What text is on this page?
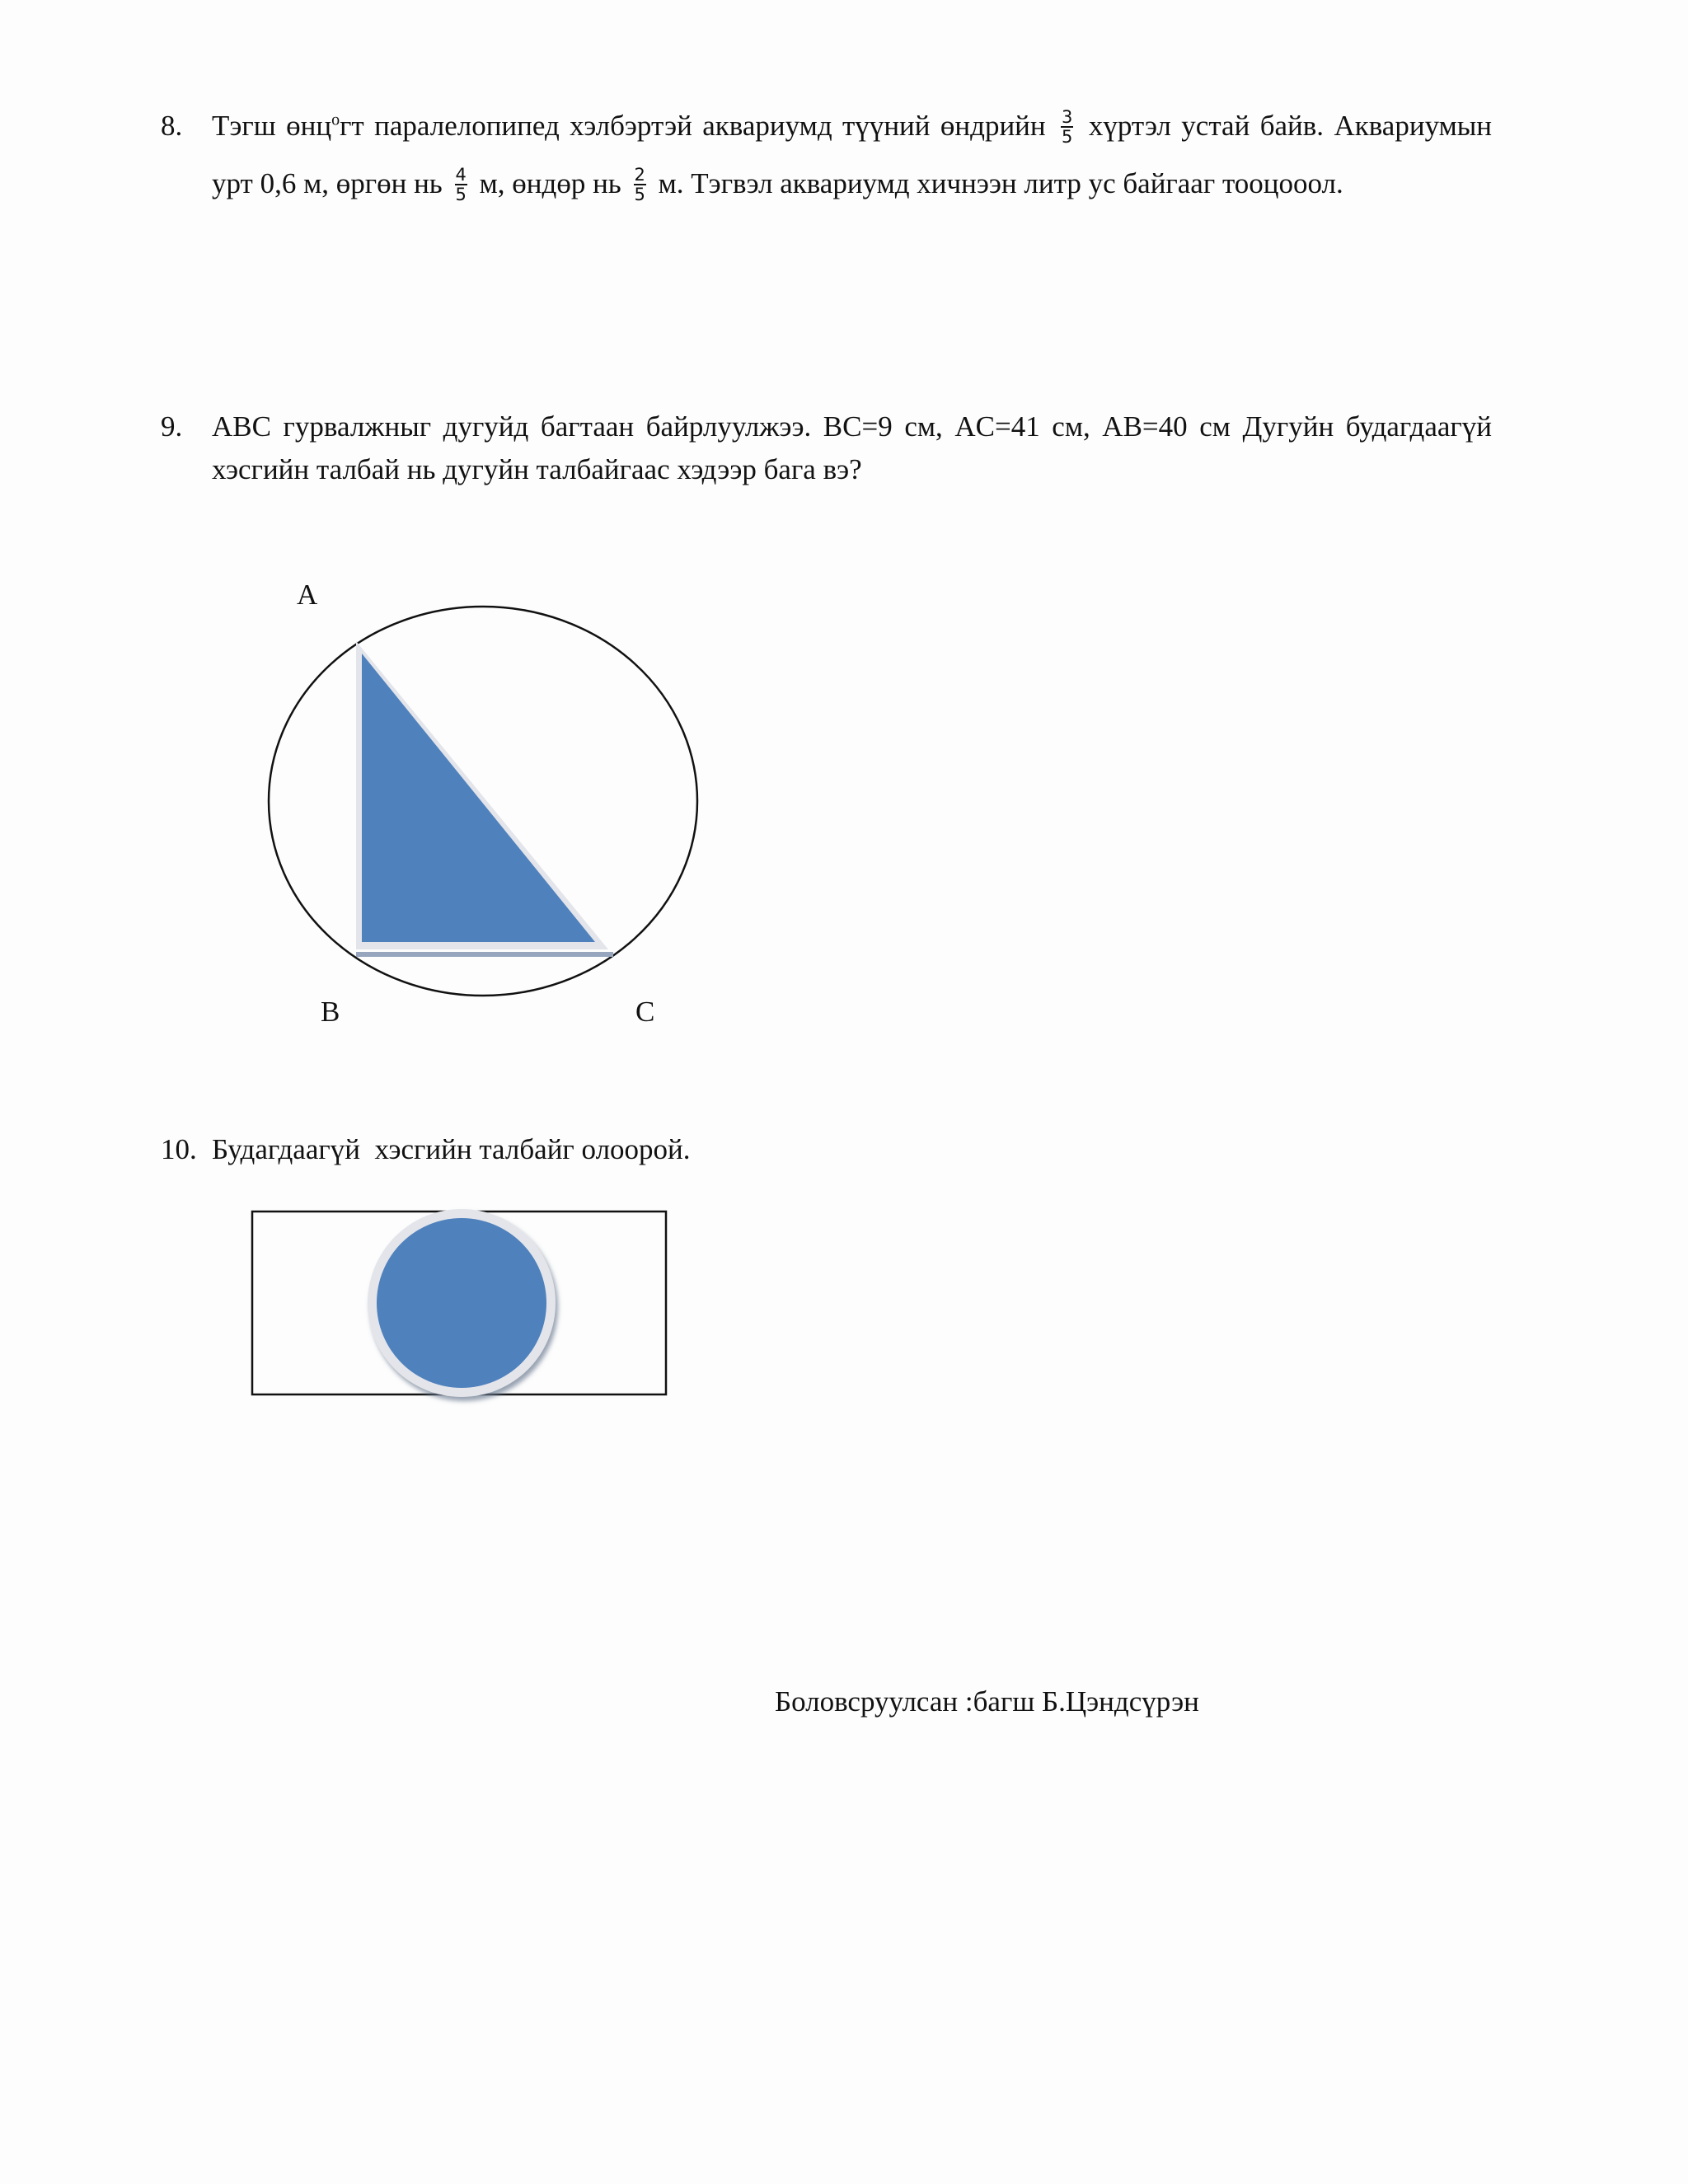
8.	Тэгш өнц$^о$гт паралелопипед хэлбэртэй аквариумд түүний өндрийн $\frac{3}{5}$ хүртэл устай байв. Аквариумын урт 0,6 м, өргөн нь $\frac{4}{5} м$, өндөр нь $\frac{2}{5} м$. Тэгвэл аквариумд хичнээн литр ус байгааг тооцооол.
9.	ABC гурвалжныг дугуйд багтаан байрлуулжээ. BC=9 см, AC=41 см, AB=40 см Дугуйн будагдаагүй хэсгийн талбай нь дугуйн талбайгаас хэдээр бага вэ?
A
B	C
10. Будагдаагүй  хэсгийн талбайг олоорой.
Боловсруулсан :багш Б.Цэндсүрэн
